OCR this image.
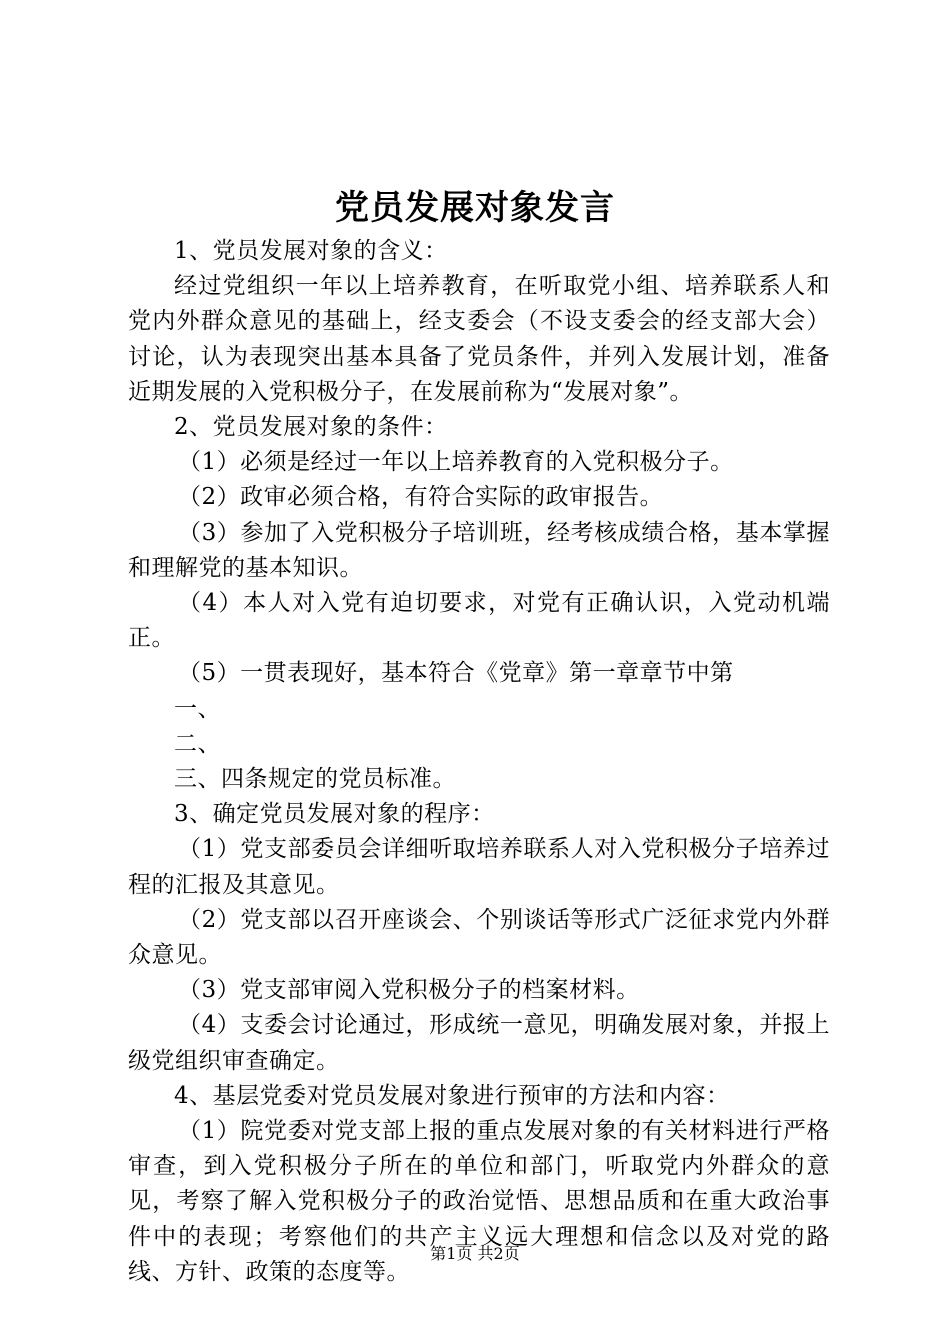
党员发展对象发言

1、党员发展对象的含义：

经过党组织一年以上培养教育，在听取党小组、培养联系人和党内外群众意见的基础上，经支委会（不设支委会的经支部大会）讨论，认为表现突出基本具备了党员条件，并列入发展计划，准备近期发展的入党积极分子，在发展前称为“发展对象”。

2、党员发展对象的条件：

（1）必须是经过一年以上培养教育的入党积极分子。

（2）政审必须合格，有符合实际的政审报告。

（3）参加了入党积极分子培训班，经考核成绩合格，基本掌握和理解党的基本知识。

（4）本人对入党有迫切要求，对党有正确认识，入党动机端正。

（5）一贯表现好，基本符合《党章》第一章章节中第

一、

二、

三、四条规定的党员标准。

3、确定党员发展对象的程序：

（1）党支部委员会详细听取培养联系人对入党积极分子培养过程的汇报及其意见。

（2）党支部以召开座谈会、个别谈话等形式广泛征求党内外群众意见。

（3）党支部审阅入党积极分子的档案材料。

（4）支委会讨论通过，形成统一意见，明确发展对象，并报上级党组织审查确定。

4、基层党委对党员发展对象进行预审的方法和内容：

（1）院党委对党支部上报的重点发展对象的有关材料进行严格审查，到入党积极分子所在的单位和部门，听取党内外群众的意见，考察了解入党积极分子的政治觉悟、思想品质和在重大政治事件中的表现；考察他们的共产主义远大理想和信念以及对党的路线、方针、政策的态度等。

第1页 共2页
